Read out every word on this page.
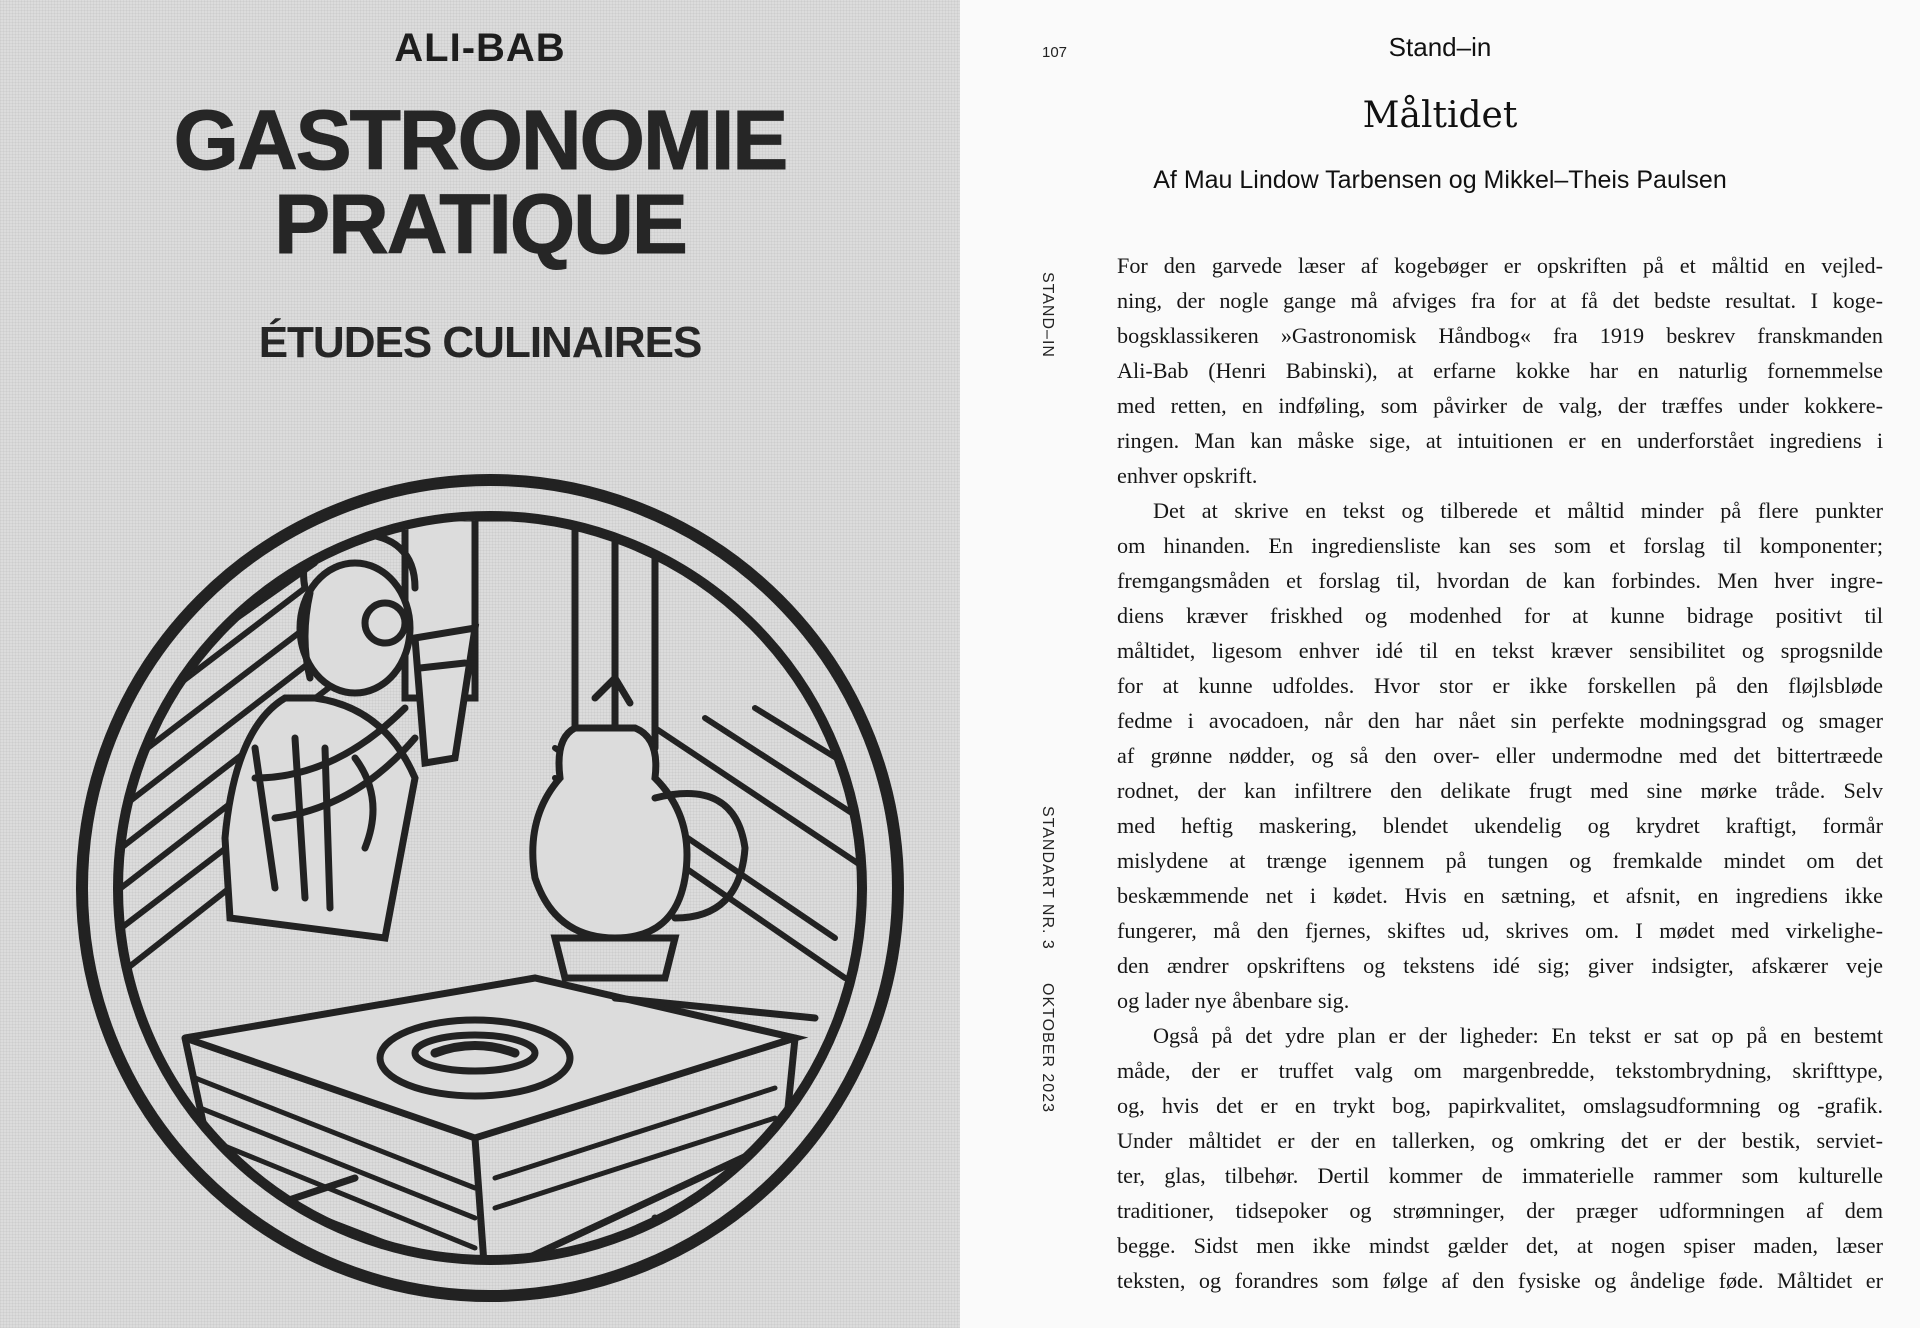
ALI-BAB
GASTRONOMIE
PRATIQUE
ÉTUDES CULINAIRES
107	Stand–in
Måltidet
Af Mau Lindow Tarbensen og Mikkel–Theis Paulsen
STAND–IN
STANDART NR. 3
OKTOBER 2023
For den garvede læser af kogebøger er opskriften på et måltid en vejled-
ning, der nogle gange må afviges fra for at få det bedste resultat. I koge-
bogsklassikeren »Gastronomisk Håndbog« fra 1919 beskrev franskmanden
Ali-Bab (Henri Babinski), at erfarne kokke har en naturlig fornemmelse
med retten, en indføling, som påvirker de valg, der træffes under kokkere-
ringen. Man kan måske sige, at intuitionen er en underforstået ingrediens i
enhver opskrift.
Det at skrive en tekst og tilberede et måltid minder på flere punkter
om hinanden. En ingrediensliste kan ses som et forslag til komponenter;
fremgangsmåden et forslag til, hvordan de kan forbindes. Men hver ingre-
diens kræver friskhed og modenhed for at kunne bidrage positivt til
måltidet, ligesom enhver idé til en tekst kræver sensibilitet og sprogsnilde
for at kunne udfoldes. Hvor stor er ikke forskellen på den fløjlsbløde
fedme i avocadoen, når den har nået sin perfekte modningsgrad og smager
af grønne nødder, og så den over- eller undermodne med det bittertræede
rodnet, der kan infiltrere den delikate frugt med sine mørke tråde. Selv
med heftig maskering, blendet ukendelig og krydret kraftigt, formår
mislydene at trænge igennem på tungen og fremkalde mindet om det
beskæmmende net i kødet. Hvis en sætning, et afsnit, en ingrediens ikke
fungerer, må den fjernes, skiftes ud, skrives om. I mødet med virkelighe-
den ændrer opskriftens og tekstens idé sig; giver indsigter, afskærer veje
og lader nye åbenbare sig.
Også på det ydre plan er der ligheder: En tekst er sat op på en bestemt
måde, der er truffet valg om margenbredde, tekstombrydning, skrifttype,
og, hvis det er en trykt bog, papirkvalitet, omslagsudformning og -grafik.
Under måltidet er der en tallerken, og omkring det er der bestik, serviet-
ter, glas, tilbehør. Dertil kommer de immaterielle rammer som kulturelle
traditioner, tidsepoker og strømninger, der præger udformningen af dem
begge. Sidst men ikke mindst gælder det, at nogen spiser maden, læser
teksten, og forandres som følge af den fysiske og åndelige føde. Måltidet er
